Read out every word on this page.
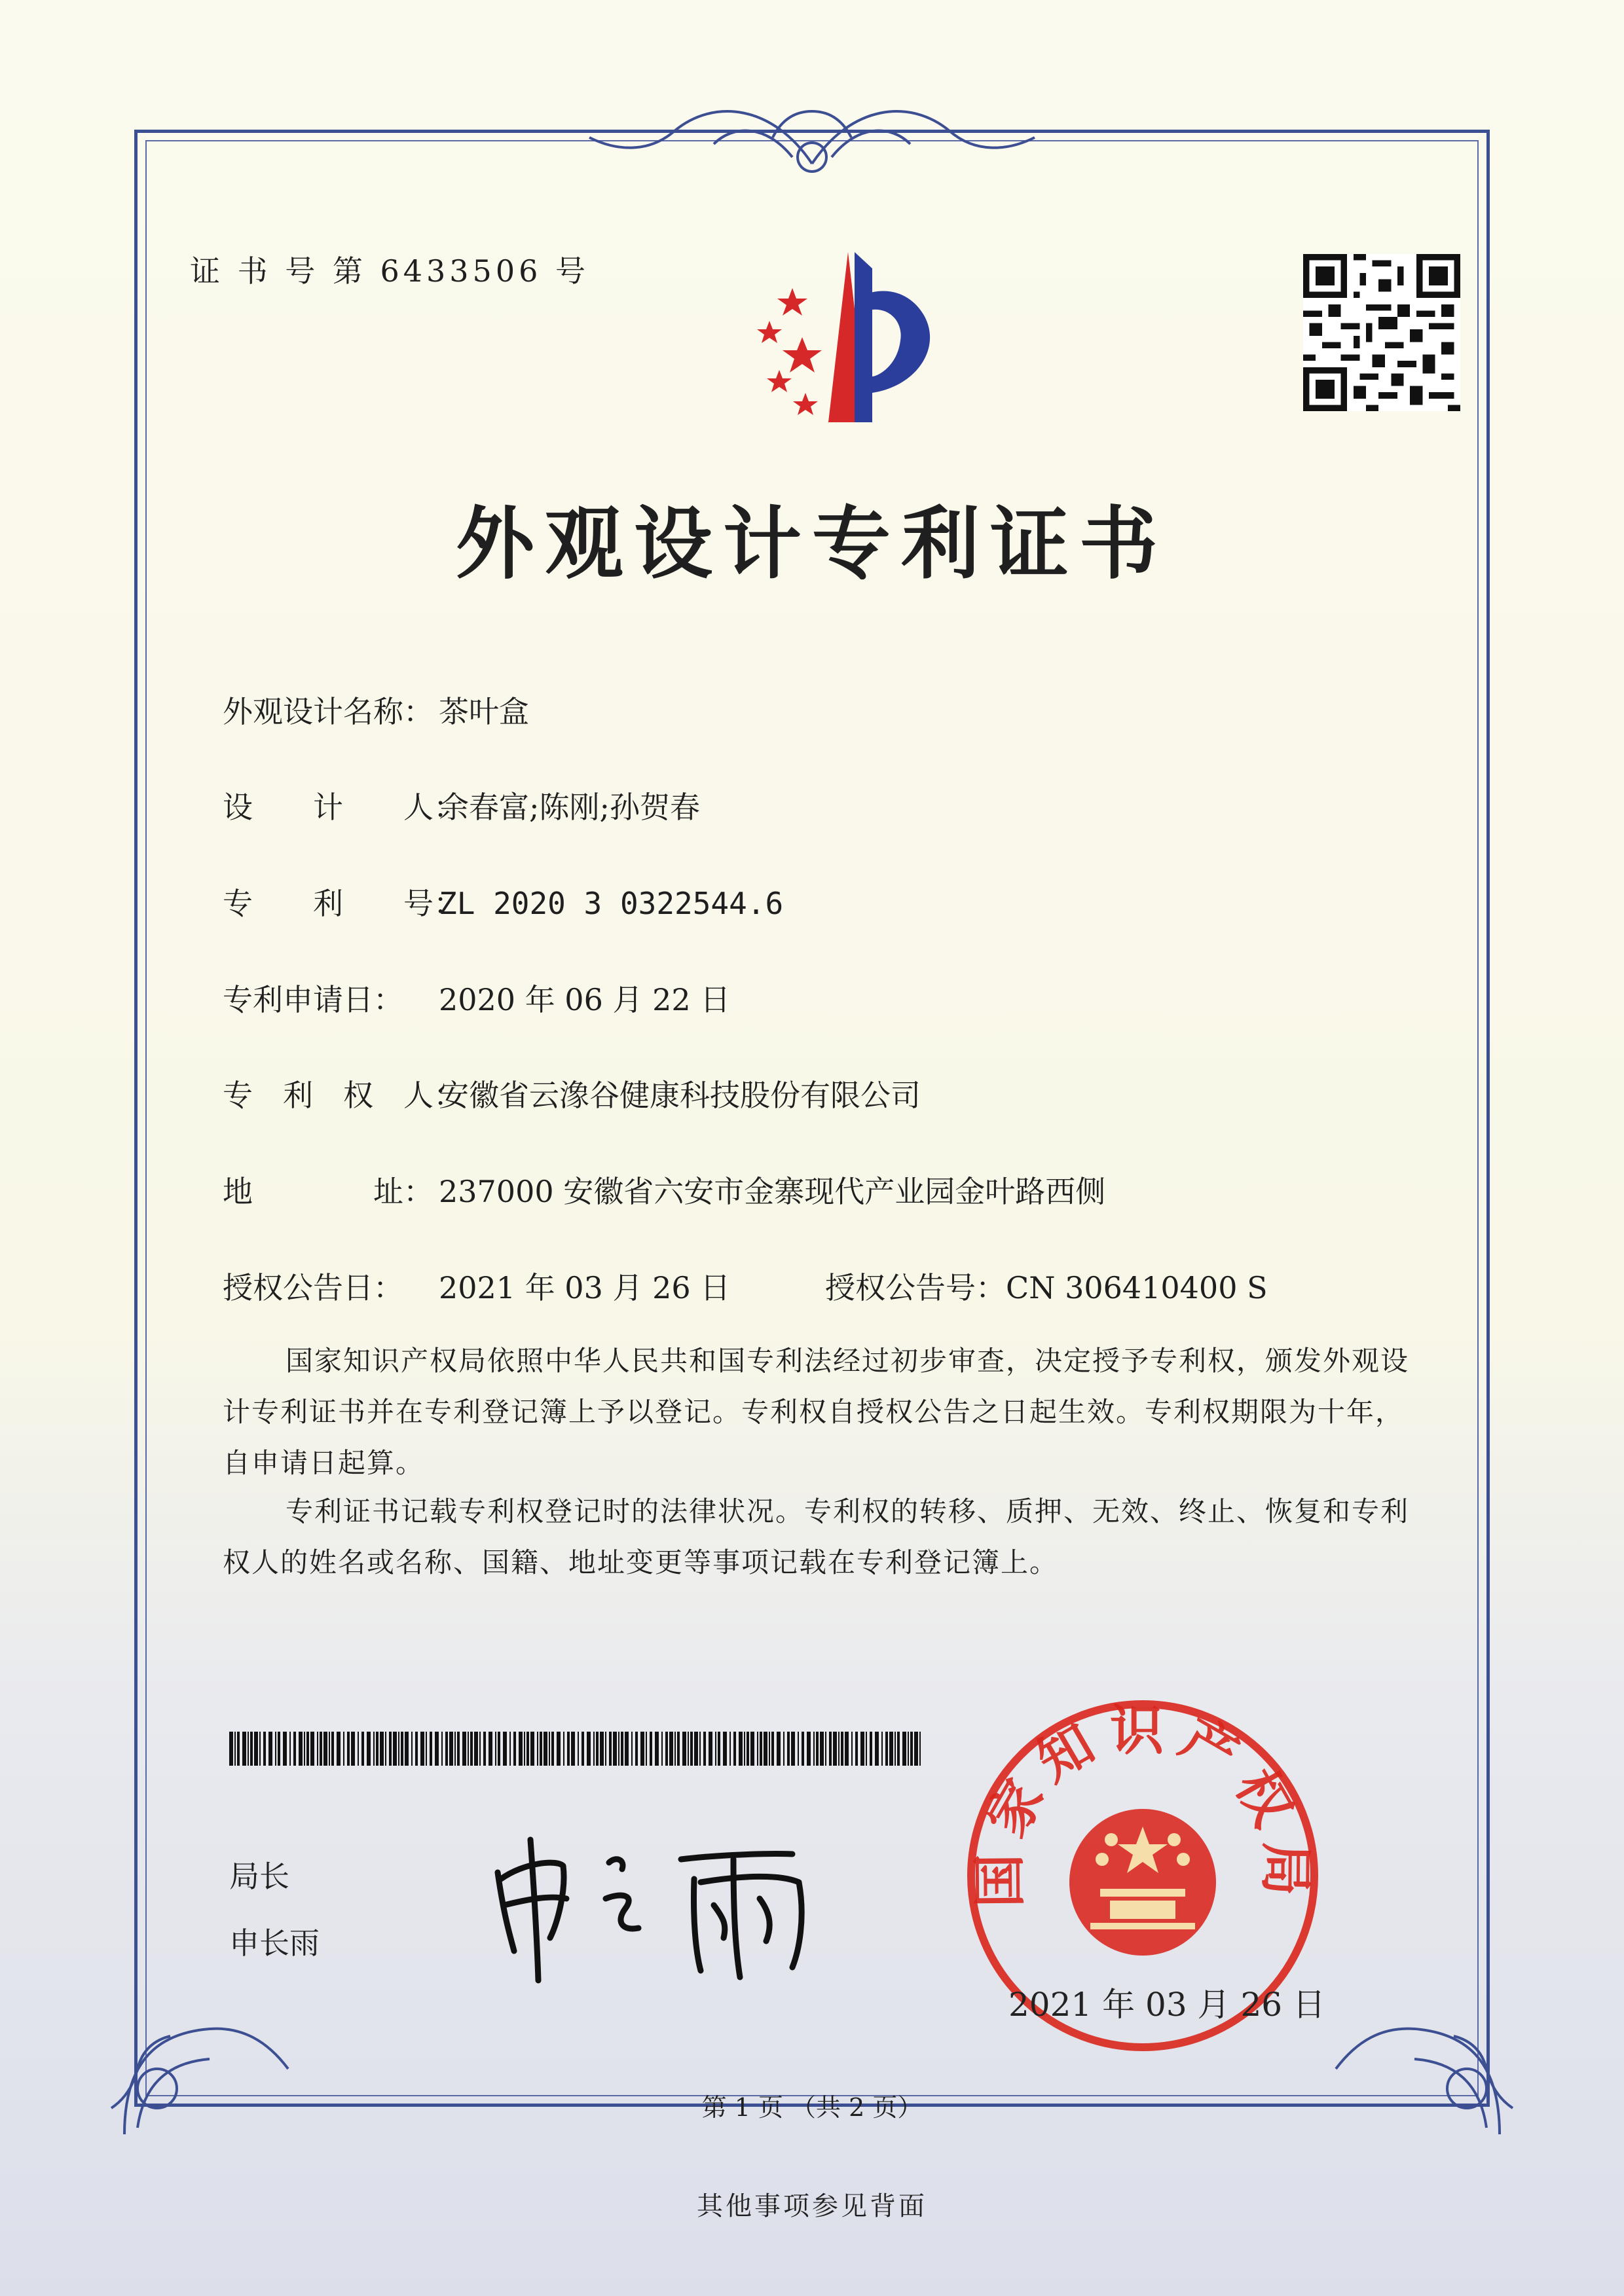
证 书 号 第 6433506 号
外观设计专利证书
外观设计名称： 茶叶盒
设　　计　　人：余春富;陈刚;孙贺春
专　　利　　号：ZL 2020 3 0322544.6
专利申请日： 2020 年 06 月 22 日
专　利　权　人：安徽省云潒谷健康科技股份有限公司
地　　　　址： 237000 安徽省六安市金寨现代产业园金叶路西侧
授权公告日： 2021 年 03 月 26 日	授权公告号：CN 306410400 S
国家知识产权局依照中华人民共和国专利法经过初步审查，决定授予专利权，颁发外观设计专利证书并在专利登记簿上予以登记。专利权自授权公告之日起生效。专利权期限为十年，自申请日起算。
专利证书记载专利权登记时的法律状况。专利权的转移、质押、无效、终止、恢复和专利权人的姓名或名称、国籍、地址变更等事项记载在专利登记簿上。
局长
申长雨
国家知识产权局
2021 年 03 月 26 日
第 1 页 （共 2 页）
其他事项参见背面
